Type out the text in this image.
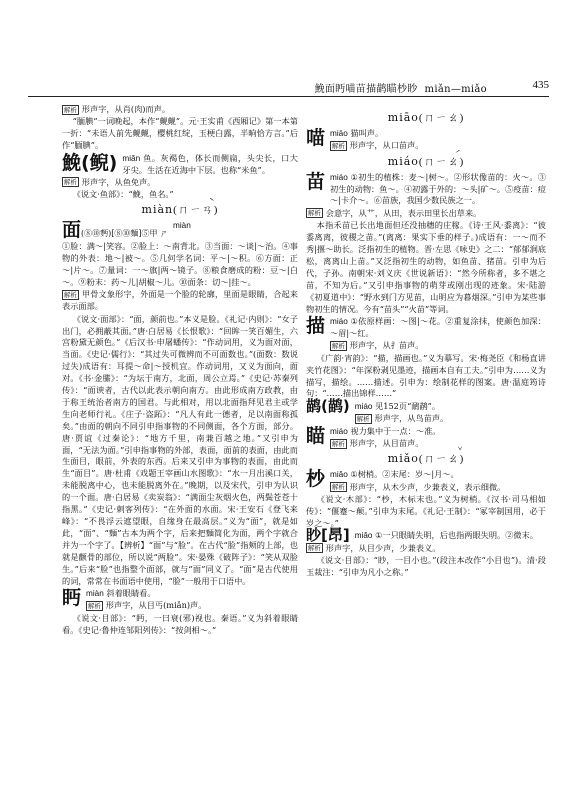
鮸面眄喵苗描鹋瞄杪眇 miǎn—miǎo	435

解析 形声字，从肖(肉)而声。

“腼腆”一词晚起，本作“觍觍”。元·王实甫《西厢记》第一本第一折：“未语人前先觍觍，樱桃红绽，玉梗白露，半晌恰方言。”后作“腼腆”。

鮸(鲵) miǎn 鱼。灰褐色，体长而侧扁，头尖长，口大牙尖。生活在近海中下层。也称“米鱼”。

解析 形声字，从鱼免声。

《说文·鱼部》：“鮸，鱼名。”

miàn(ㄇㄧㄢ̀)
面(⑧⑩麪)[⑧⑩麵]⑤甲 ㄕ

miàn

①脸：满～|笑容。②脸上：～南背北。③当面：～谈|～治。④事物的外表：地～|被～。⑤几何学名词：平～|～积。⑥方面：正～|片～。⑦量词：一～旗|两～镜子。⑧粮食磨成的粉：豆～|白～。⑨粉末：药～儿|胡椒～儿。⑩面条：切～|挂～。

解析 甲骨文象形字，外面是一个脸的轮廓，里面是眼睛，合起来表示面部。

《说文·面部》：“面，颜前也。”本义是脸。《礼记·内则》：“女子出门，必拥蔽其面。”唐·白居易《长恨歌》：“回眸一笑百媚生，六宫粉黛无颜色。”《后汉书·申屠蟠传》：“作动词用，义为面对面，当面。《史记·儒行》：“其过失可微辨而不可面数也。”(面数：数说过失)成语有：耳提～命|～授机宜。作动词用，又义为面向，面对。《书·金縢》：“为坛于南方，北面，周公立焉。”《史记·苏秦列传》：“面谀者，古代以此表示朝向南方。由此形成南方政教，由于称王统治者南方的国君。与此相对，用以北面指拜见君主或学生向老师行礼。《庄子·盗跖》：“凡人有此一德者，足以南面称孤矣。”由面的朝向不同引申指事物的不同侧面，各个方面，部分。唐·贾谊《过秦论》：“地方千里，南兼百越之地。”又引申为面，“无法为面。”引申指事物的外部，表面，面前的表面，由此而生面目，眼前，外表的东西。后来又引申为事物的表面，由此而生“面目”。唐·杜甫《戏题王宰画山水图歌》：“水一月出溪口关，未能脱离中心，也未能脱离外在。”晚期，以及宋代，引申为认识的一个面。唐·白居易《卖炭翁》：“满面尘灰烟火色，两鬓苍苍十指黑。”《史记·刺客列传》：“在外面的水面。宋·王安石《登飞来峰》：“不畏浮云遮望眼，自缘身在最高层。”义为“面”，就是如此，“面”、“麵”古本为两个字，后来把麵简化为面，两个字就合并为一个字了。【辨析】“面”与“脸”。在古代“脸”指颊的上部，也就是颧骨的部位，所以说“两脸”。宋·晏殊《破阵子》：“笑从双脸生。”后来“脸”也指整个面部，就与“面”同义了。“面”是古代使用的词，常常在书面语中使用，“脸”一般用于口语中。

眄 miàn 斜着眼睛看。

解析 形声字，从目丐(miǎn)声。

《说文·目部》：“眄，一曰衰(邪)视也。秦语。”义为斜着眼睛看。《史记·鲁仲连邹阳列传》：“按剑相～。”

miāo(ㄇㄧㄠ)
喵 miāo 猫叫声。

解析 形声字，从口苗声。

miáo(ㄇㄧㄠ́)
苗 miáo ①初生的植株：麦～|树～。②形状像苗的：火～。③初生的动物：鱼～。④初露于外的：～头|矿～。⑤疫苗：痘～|卡介～。⑥苗族，我国少数民族之一。

解析 会意字，从艹，从田，表示田里长出草来。

本指禾苗已长出地面但还没抽穗的庄稼。《诗·王风·黍离》：“彼黍离离，彼稷之苗。”(离离：果实下垂的样子。)成语有：一～而不秀|揠～助长。泛指初生的植物。晋·左思《咏史》之二：“郁郁涧底松，离离山上苗。”又泛指初生的动物，如鱼苗、猪苗。引申为后代，子孙。南朝宋·刘义庆《世说新语》：“然今所称者，多不堪之苗，不知为后。”又引申指事物的萌芽或刚出现的迹象。宋·陆游《初夏道中》：“野水到门方见苗，山明应为暮烟深。”引申为某些事物初生的情况。今有“苗头”“火苗”等词。

描 miáo ①依原样画：～图|～花。②重复涂抹，使颜色加深：～眉|～红。

解析 形声字，从扌苗声。

《广韵·宵韵》：“描，描画也。”义为摹写。宋·梅尧臣《和杨直讲夹竹花图》：“年深粉剥见墨迹，描画本自有工夫。”引申为……义为描写，描绘。……描述。引申为：绘制花样的图案。唐·温庭筠诗句：“……描出锦样……”

鹋(鹋) miáo 见152页“鸸鹋”。

解析 形声字，从鸟苗声。

瞄 miáo 视力集中于一点：～准。

解析 形声字，从目苗声。

miǎo(ㄇㄧㄠ̌)
杪 miǎo ①树梢。②末尾：岁～|月～。

解析 形声字，从木少声，少兼表义，表示细微。

《说文·木部》：“杪，木标末也。”义为树梢。《汉书·司马相如传》：“偃蹇～颠。”引申为末尾。《礼记·王制》：“冢宰制国用，必于岁之～。”

眇[䀚] miǎo ①一只眼睛失明，后也指两眼失明。②微末。

解析 形声字，从目少声，少兼表义。

《说文·目部》：“眇，一目小也。”(段注本改作“小目也”)。清·段玉裁注：“引申为凡小之称。”
